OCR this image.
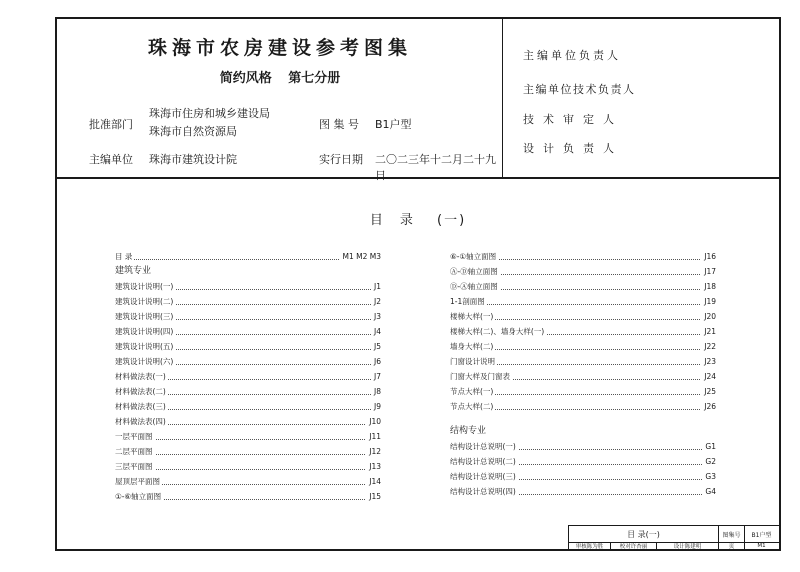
珠海市农房建设参考图集
简约风格 第七分册
批准部门
珠海市住房和城乡建设局
珠海市自然资源局
图 集 号 B1户型
主编单位 珠海市建筑设计院	实行日期 二〇二三年十二月二十九日
主编单位负责人
主编单位技术负责人
技术审定人
设计负责人
目　录 (一)
目 录	M1 M2 M3
建筑专业
建筑设计说明(一)	J1
建筑设计说明(二)	J2
建筑设计说明(三)	J3
建筑设计说明(四)	J4
建筑设计说明(五)	J5
建筑设计说明(六)	J6
材料做法表(一)	J7
材料做法表(二)	J8
材料做法表(三)	J9
材料做法表(四)	J10
一层平面图	J11
二层平面图	J12
三层平面图	J13
屋顶层平面图	J14
①-⑥轴立面图	J15
⑥-①轴立面图	J16
Ⓐ-Ⓓ轴立面图	J17
Ⓓ-Ⓐ轴立面图	J18
1-1剖面图	J19
楼梯大样(一)	J20
楼梯大样(二)、墙身大样(一)	J21
墙身大样(二)	J22
门窗设计说明	J23
门窗大样及门窗表	J24
节点大样(一)	J25
节点大样(二)	J26
结构专业
结构设计总说明(一)	G1
结构设计总说明(二)	G2
结构设计总说明(三)	G3
结构设计总说明(四)	G4
目 录(一)	图集号	B1户型
审核陈为胜	校对许杏丽	设计陈建明	页	M1
